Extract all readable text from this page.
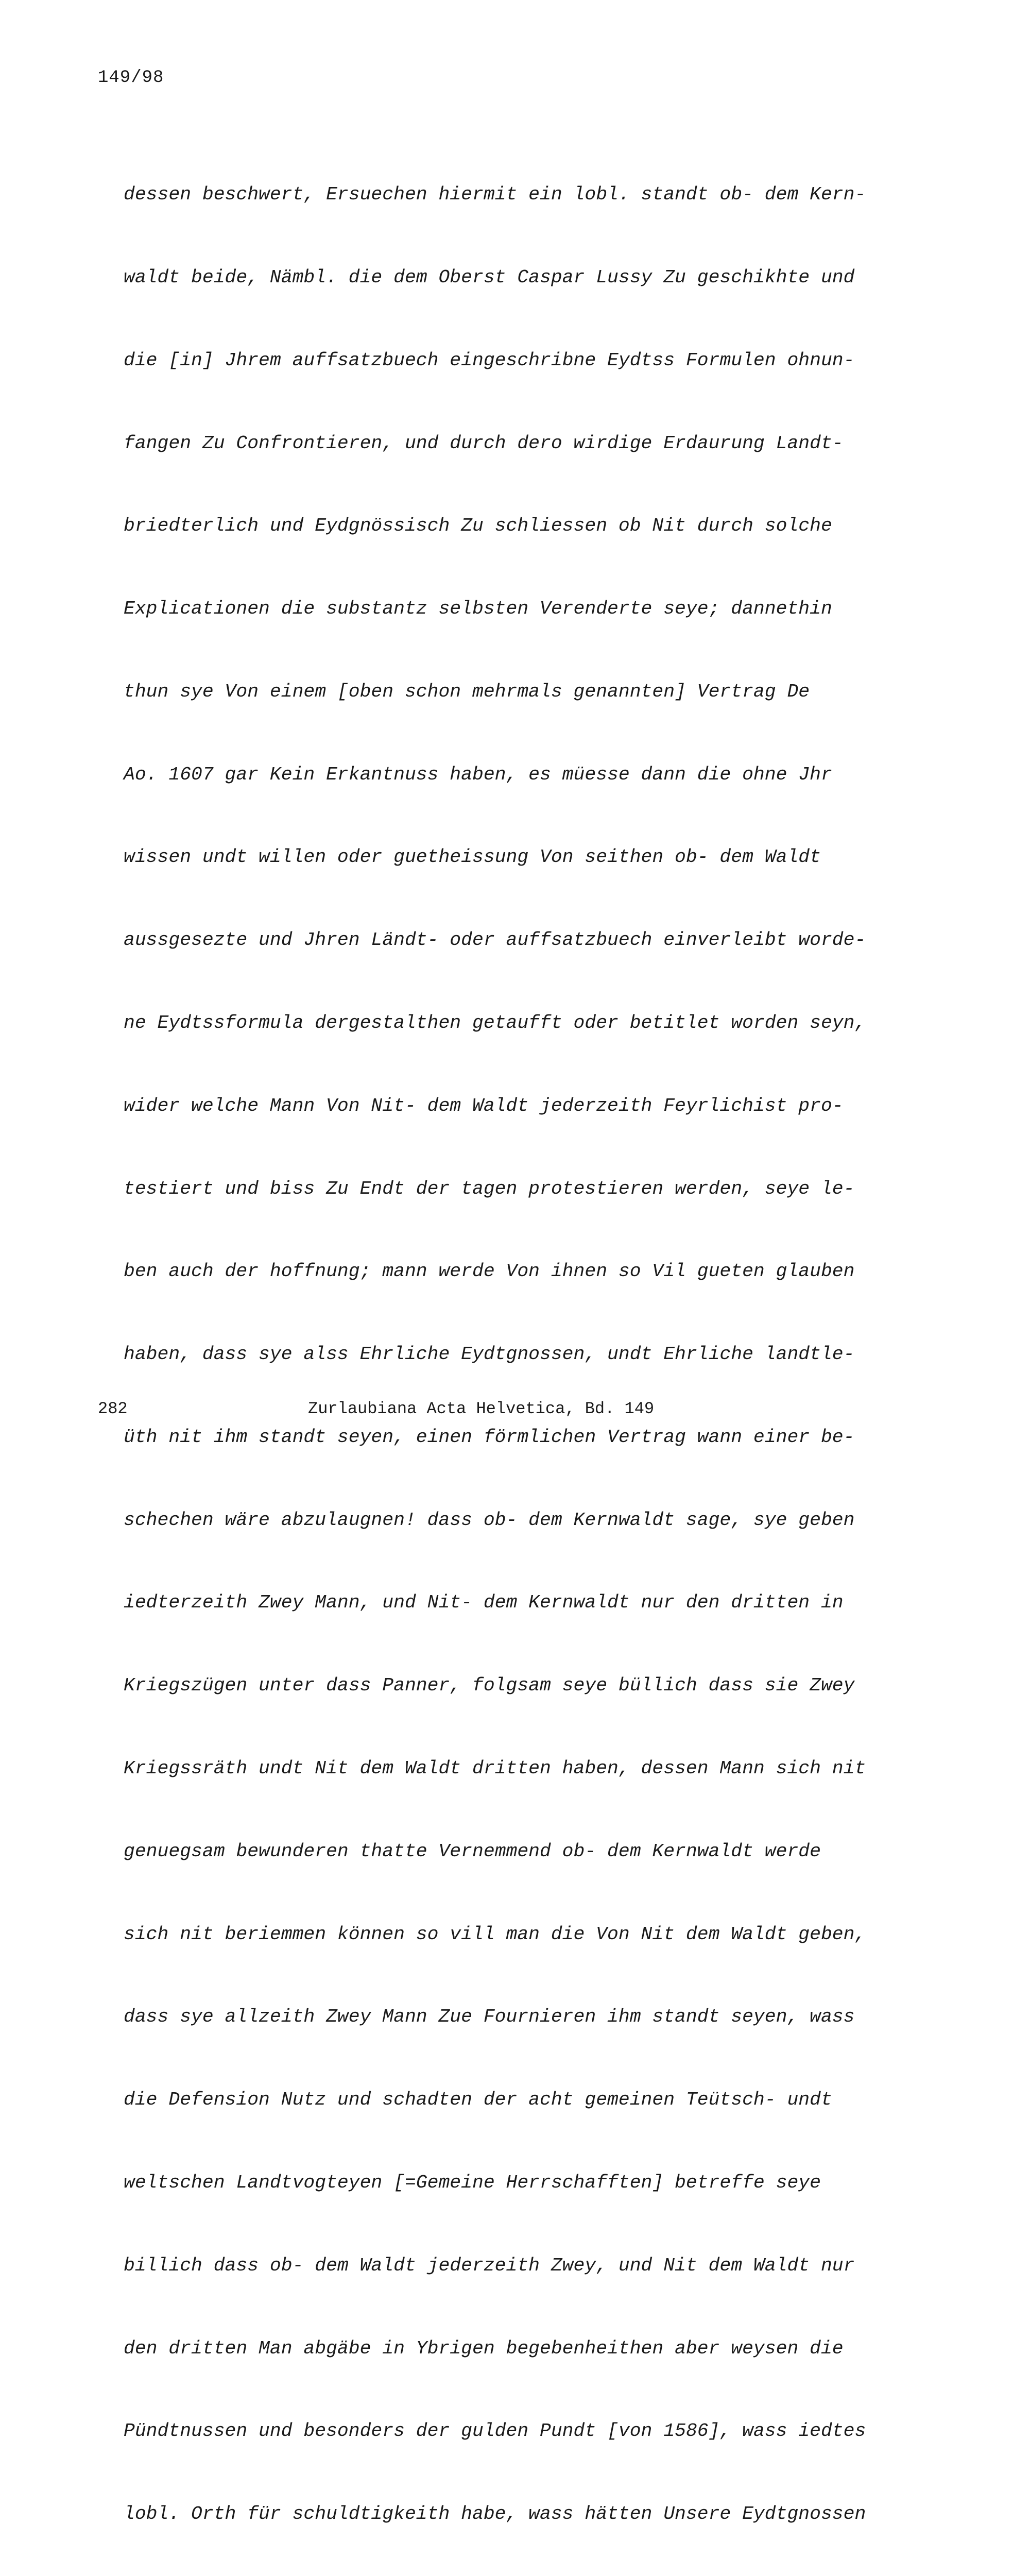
149/98

dessen beschwert, Ersuechen hiermit ein lobl. standt ob- dem Kern-

waldt beide, Nämbl. die dem Oberst Caspar Lussy Zu geschikhte und

die [in] Jhrem auffsatzbuech eingeschribne Eydtss Formulen ohnun-

fangen Zu Confrontieren, und durch dero wirdige Erdaurung Landt-

briedterlich und Eydgnössisch Zu schliessen ob Nit durch solche

Explicationen die substantz selbsten Verenderte seye; dannethin

thun sye Von einem [oben schon mehrmals genannten] Vertrag De

Ao. 1607 gar Kein Erkantnuss haben, es müesse dann die ohne Jhr

wissen undt willen oder guetheissung Von seithen ob- dem Waldt

aussgesezte und Jhren Ländt- oder auffsatzbuech einverleibt worde-

ne Eydtssformula dergestalthen getaufft oder betitlet worden seyn,

wider welche Mann Von Nit- dem Waldt jederzeith Feyrlichist pro-

testiert und biss Zu Endt der tagen protestieren werden, seye le-

ben auch der hoffnung; mann werde Von ihnen so Vil gueten glauben

haben, dass sye alss Ehrliche Eydtgnossen, undt Ehrliche landtle-

üth nit ihm standt seyen, einen förmlichen Vertrag wann einer be-

schechen wäre abzulaugnen! dass ob- dem Kernwaldt sage, sye geben

iedterzeith Zwey Mann, und Nit- dem Kernwaldt nur den dritten in

Kriegszügen unter dass Panner, folgsam seye büllich dass sie Zwey

Kriegssräth undt Nit dem Waldt dritten haben, dessen Mann sich nit

genuegsam bewunderen thatte Vernemmend ob- dem Kernwaldt werde

sich nit beriemmen können so vill man die Von Nit dem Waldt geben,

dass sye allzeith Zwey Mann Zue Fournieren ihm standt seyen, wass

die Defension Nutz und schadten der acht gemeinen Teütsch- undt

weltschen Landtvogteyen [=Gemeine Herrschafften] betreffe seye

billich dass ob- dem Waldt jederzeith Zwey, und Nit dem Waldt nur

den dritten Man abgäbe in Ybrigen begebenheithen aber weysen die

Pündtnussen und besonders der gulden Pundt [von 1586], wass iedtes

lobl. Orth für schuldtigkeith habe, wass hätten Unsere Eydtgnossen

282	Zurlaubiana Acta Helvetica, Bd. 149
